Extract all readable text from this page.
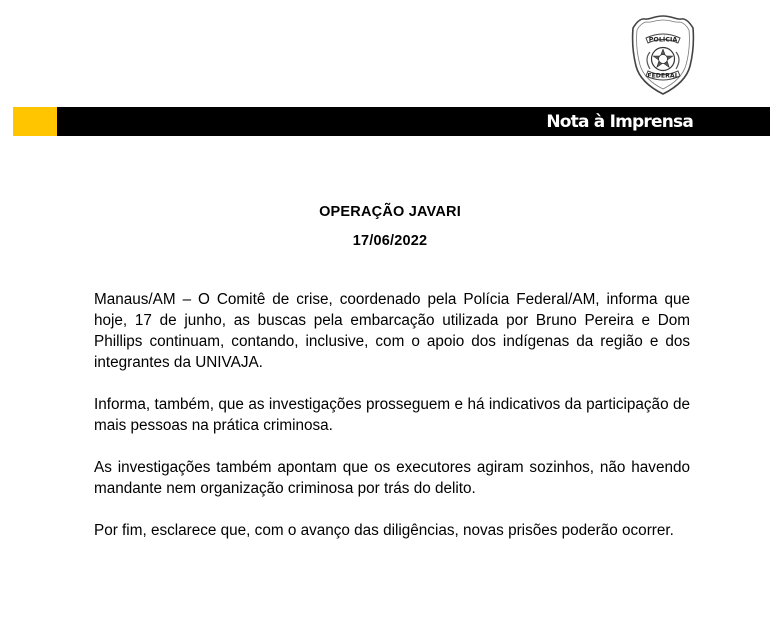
POLÍCIA
FEDERAL
Nota à Imprensa
OPERAÇÃO JAVARI
17/06/2022

Manaus/AM – O Comitê de crise, coordenado pela Polícia Federal/AM, informa que hoje, 17 de junho, as buscas pela embarcação utilizada por Bruno Pereira e Dom Phillips continuam, contando, inclusive, com o apoio dos indígenas da região e dos integrantes da UNIVAJA.

Informa, também, que as investigações prosseguem e há indicativos da participação de mais pessoas na prática criminosa.

As investigações também apontam que os executores agiram sozinhos, não havendo mandante nem organização criminosa por trás do delito.

Por fim, esclarece que, com o avanço das diligências, novas prisões poderão ocorrer.
